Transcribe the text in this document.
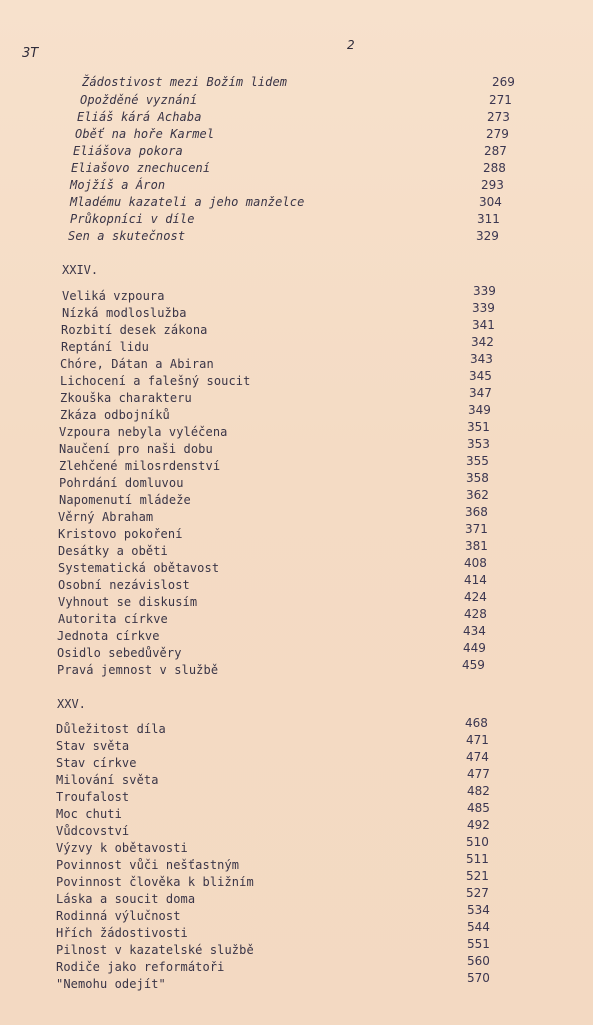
3T
2
Žádostivost mezi Božím lidem	269
Opožděné vyznání	271
Eliáš kárá Achaba	273
Oběť na hoře Karmel	279
Eliášova pokora	287
Eliašovo znechucení	288
Mojžíš a Áron	293
Mladému kazateli a jeho manželce	304
Průkopníci v díle	311
Sen a skutečnost	329
XXIV.
Veliká vzpoura	339
Nízká modloslužba	339
Rozbití desek zákona	341
Reptání lidu	342
Chóre, Dátan a Abiran	343
Lichocení a falešný soucit	345
Zkouška charakteru	347
Zkáza odbojníků	349
Vzpoura nebyla vyléčena	351
Naučení pro naši dobu	353
Zlehčené milosrdenství	355
Pohrdání domluvou	358
Napomenutí mládeže	362
Věrný Abraham	368
Kristovo pokoření	371
Desátky a oběti	381
Systematická obětavost	408
Osobní nezávislost	414
Vyhnout se diskusím	424
Autorita církve	428
Jednota církve	434
Osidlo sebedůvěry	449
Pravá jemnost v službě	459
XXV.
Důležitost díla	468
Stav světa	471
Stav církve	474
Milování světa	477
Troufalost	482
Moc chuti	485
Vůdcovství	492
Výzvy k obětavosti	510
Povinnost vůči nešťastným	511
Povinnost člověka k bližním	521
Láska a soucit doma	527
Rodinná výlučnost	534
Hřích žádostivosti	544
Pilnost v kazatelské službě	551
Rodiče jako reformátoři	560
"Nemohu odejít"	570
